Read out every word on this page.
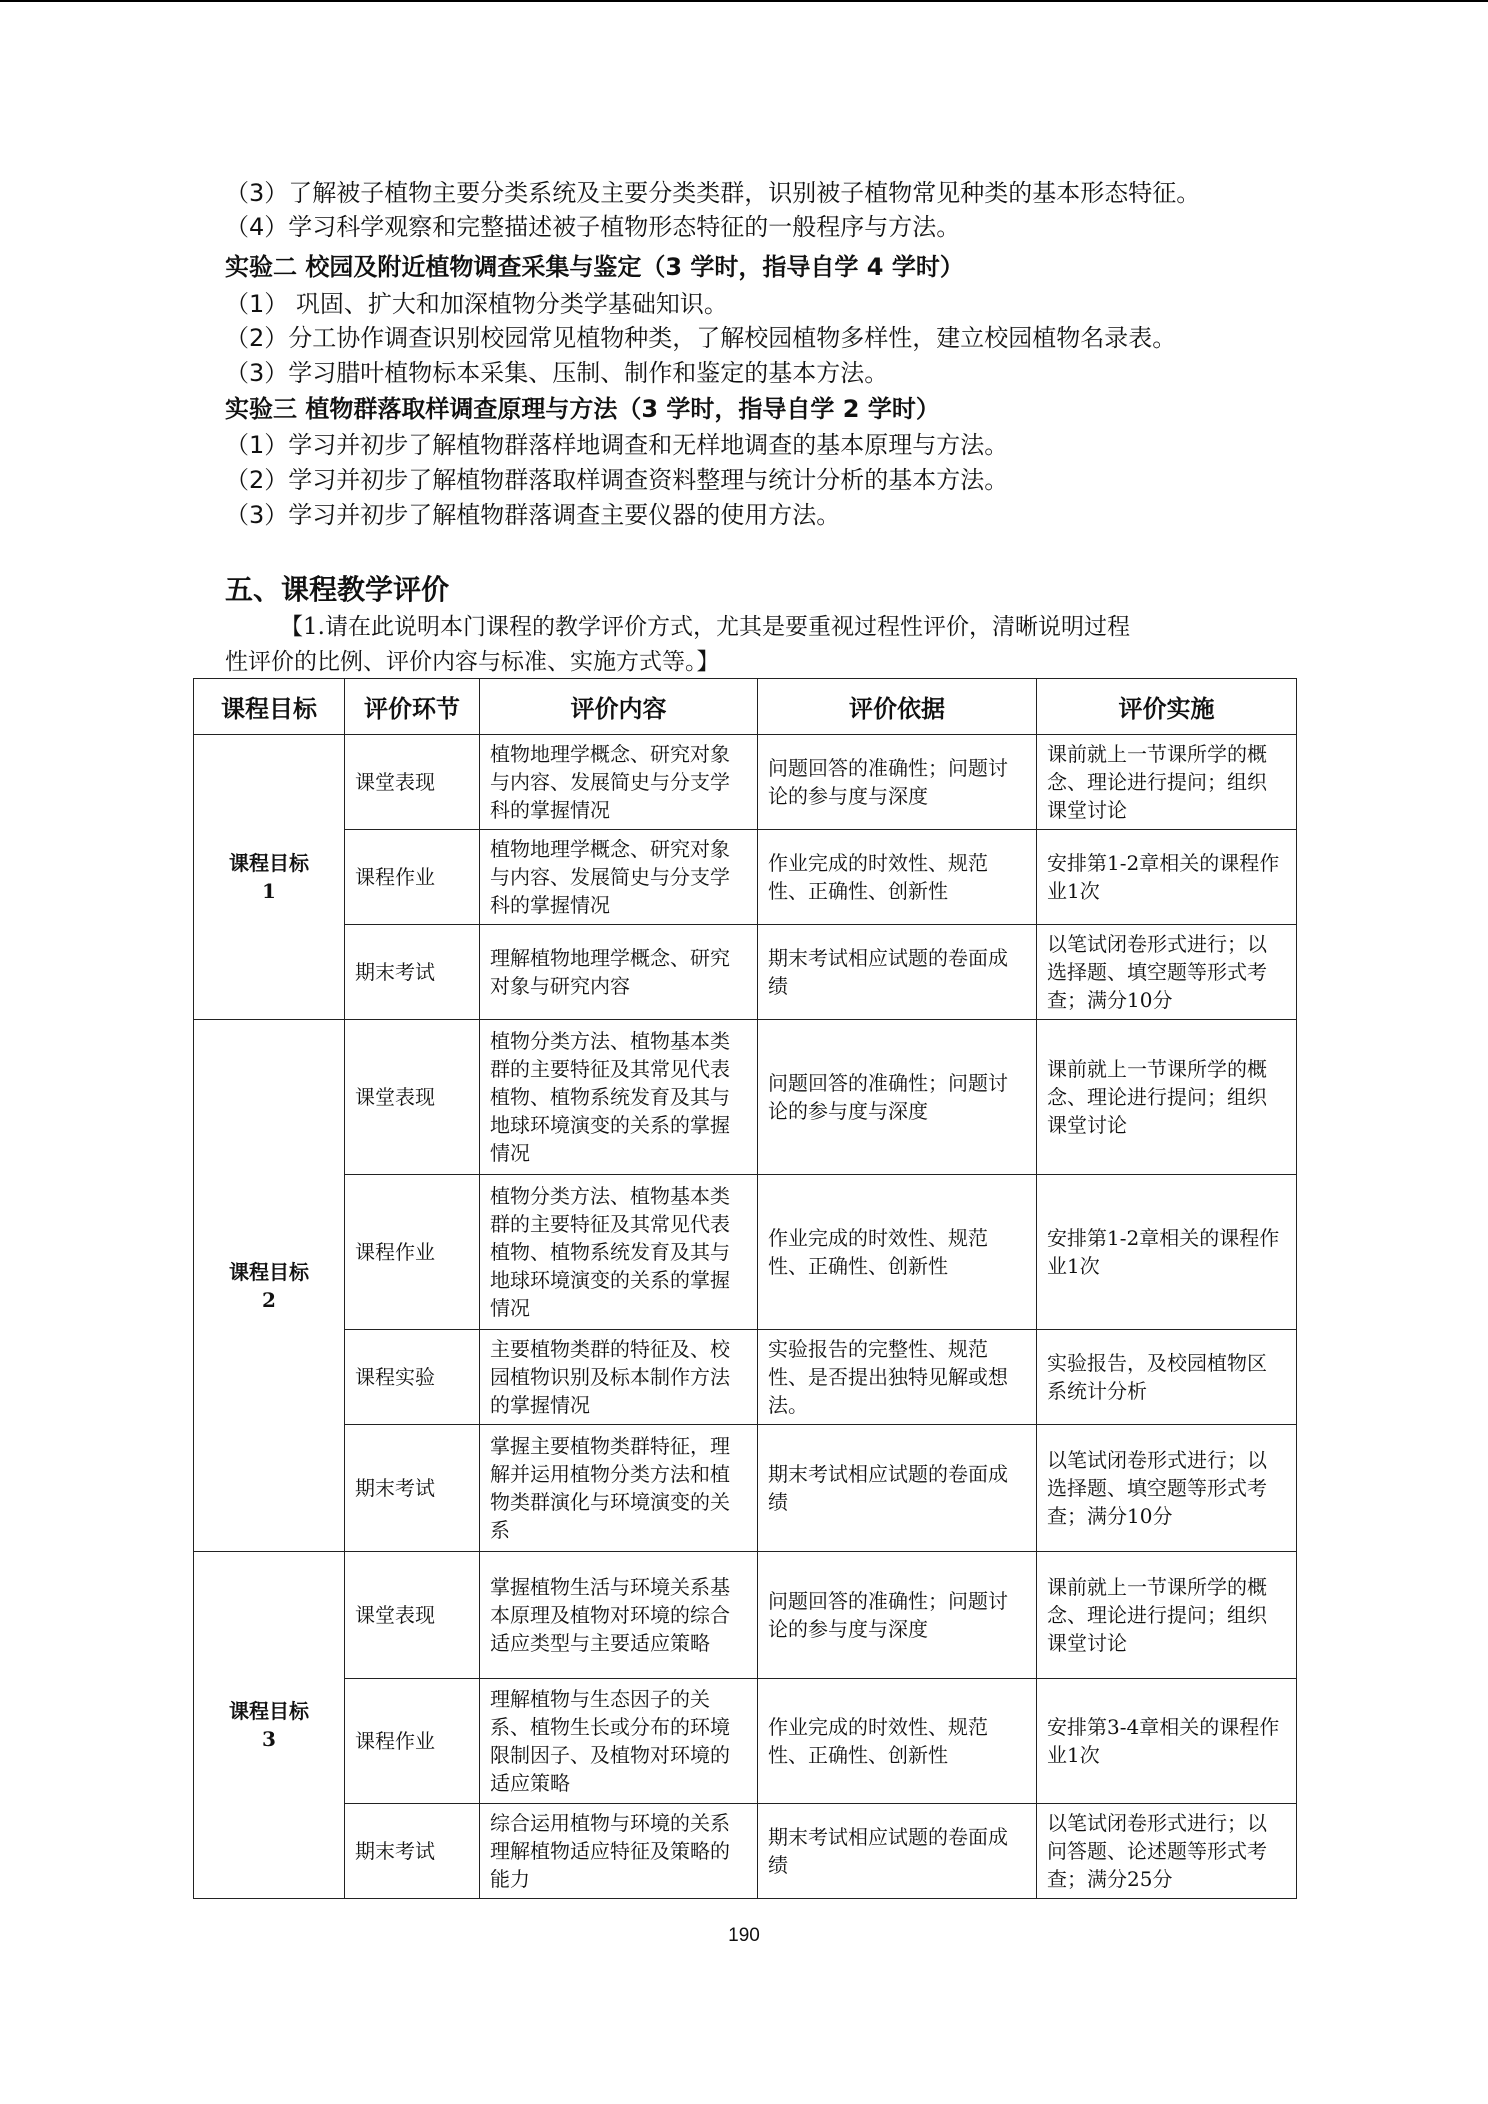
（3）了解被子植物主要分类系统及主要分类类群，识别被子植物常见种类的基本形态特征。
（4）学习科学观察和完整描述被子植物形态特征的一般程序与方法。
实验二 校园及附近植物调查采集与鉴定（3 学时，指导自学 4 学时）
（1） 巩固、扩大和加深植物分类学基础知识。
（2）分工协作调查识别校园常见植物种类，了解校园植物多样性，建立校园植物名录表。
（3）学习腊叶植物标本采集、压制、制作和鉴定的基本方法。
实验三 植物群落取样调查原理与方法（3 学时，指导自学 2 学时）
（1）学习并初步了解植物群落样地调查和无样地调查的基本原理与方法。
（2）学习并初步了解植物群落取样调查资料整理与统计分析的基本方法。
（3）学习并初步了解植物群落调查主要仪器的使用方法。
五、课程教学评价
【1.请在此说明本门课程的教学评价方式，尤其是要重视过程性评价，清晰说明过程
性评价的比例、评价内容与标准、实施方式等。】
课程目标	评价环节	评价内容	评价依据	评价实施
课程目标
1	课堂表现	植物地理学概念、研究对象与内容、发展简史与分支学科的掌握情况	问题回答的准确性；问题讨论的参与度与深度	课前就上一节课所学的概念、理论进行提问；组织课堂讨论
	课程作业	植物地理学概念、研究对象与内容、发展简史与分支学科的掌握情况	作业完成的时效性、规范性、正确性、创新性	安排第1-2章相关的课程作业1次
	期末考试	理解植物地理学概念、研究对象与研究内容	期末考试相应试题的卷面成绩	以笔试闭卷形式进行；以选择题、填空题等形式考查；满分10分
课程目标
2	课堂表现	植物分类方法、植物基本类群的主要特征及其常见代表植物、植物系统发育及其与地球环境演变的关系的掌握情况	问题回答的准确性；问题讨论的参与度与深度	课前就上一节课所学的概念、理论进行提问；组织课堂讨论
	课程作业	植物分类方法、植物基本类群的主要特征及其常见代表植物、植物系统发育及其与地球环境演变的关系的掌握情况	作业完成的时效性、规范性、正确性、创新性	安排第1-2章相关的课程作业1次
	课程实验	主要植物类群的特征及、校园植物识别及标本制作方法的掌握情况	实验报告的完整性、规范性、是否提出独特见解或想法。	实验报告，及校园植物区系统计分析
	期末考试	掌握主要植物类群特征，理解并运用植物分类方法和植物类群演化与环境演变的关系	期末考试相应试题的卷面成绩	以笔试闭卷形式进行；以选择题、填空题等形式考查；满分10分
课程目标
3	课堂表现	掌握植物生活与环境关系基本原理及植物对环境的综合适应类型与主要适应策略	问题回答的准确性；问题讨论的参与度与深度	课前就上一节课所学的概念、理论进行提问；组织课堂讨论
	课程作业	理解植物与生态因子的关系、植物生长或分布的环境限制因子、及植物对环境的适应策略	作业完成的时效性、规范性、正确性、创新性	安排第3-4章相关的课程作业1次
	期末考试	综合运用植物与环境的关系理解植物适应特征及策略的能力	期末考试相应试题的卷面成绩	以笔试闭卷形式进行；以问答题、论述题等形式考查；满分25分
190
